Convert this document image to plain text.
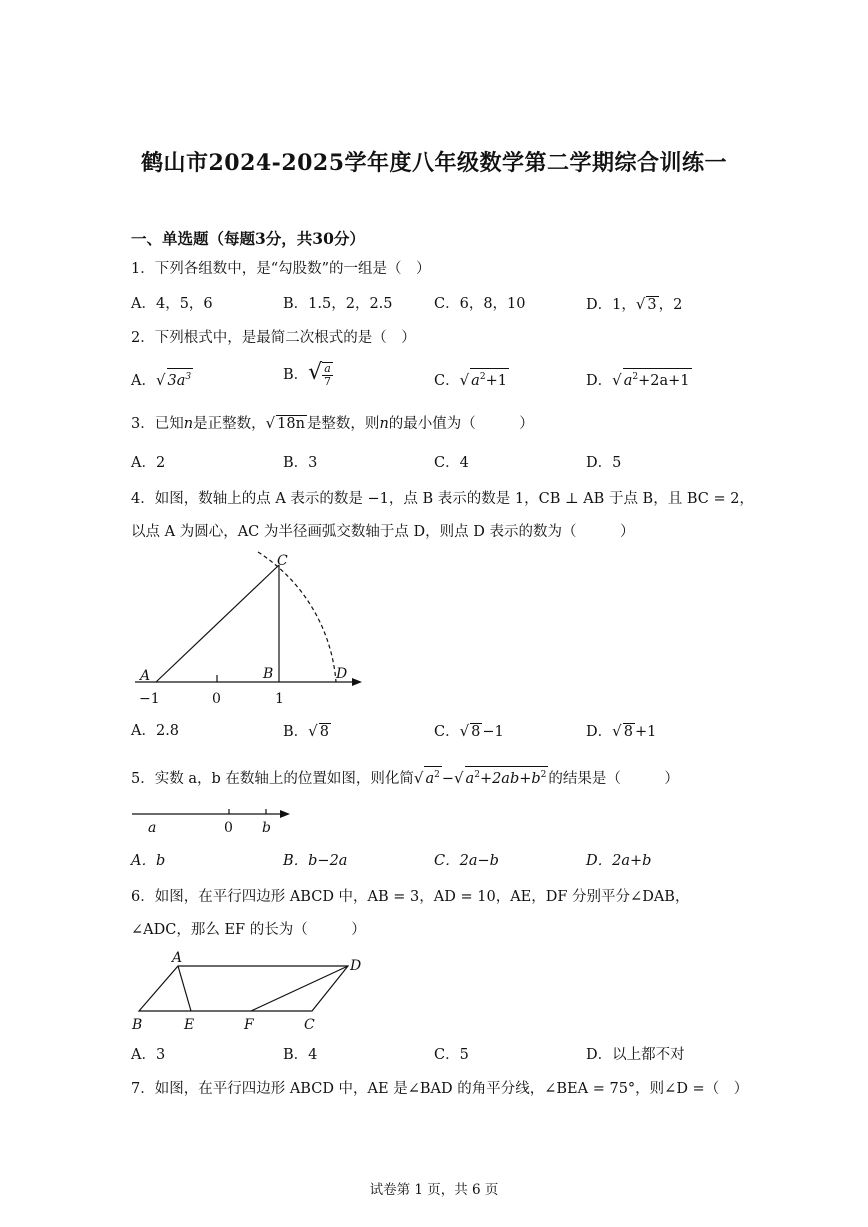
鹤山市2024-2025学年度八年级数学第二学期综合训练一
一、单选题（每题3分，共30分）
1．下列各组数中，是“勾股数”的一组是（　）
A．4，5，6	B．1.5，2，2.5	C．6，8，10	D．1，√ 3 ，2
2．下列根式中，是最简二次根式的是（　）
A．√ $3a^3$	B．√ $\frac{a}{7}$	C．√ $a^2+1$	D．√ $a^2+2a+1$
3．已知n是正整数，√ 18n 是整数，则n的最小值为（　　　）
A．2	B．3	C．4	D．5
4．如图，数轴上的点 A 表示的数是 −1，点 B 表示的数是 1，CB ⊥ AB 于点 B，且 BC = 2，
以点 A 为圆心，AC 为半径画弧交数轴于点 D，则点 D 表示的数为（　　　）
A	B
C
D
−1	0	1
A．2.8	B．√ 8	C．√ 8 −1	D．√ 8 +1
5．实数 a，b 在数轴上的位置如图，则化简√ $a^2$ −√ $a^2+2ab+b^2$ 的结果是（　　　）
a	0 b
A．b	B．b−2a	C．2a−b	D．2a+b
6．如图，在平行四边形 ABCD 中，AB = 3，AD = 10，AE，DF 分别平分∠DAB，
∠ADC，那么 EF 的长为（　　　）
A	D
B	E	F	C
A．3	B．4	C．5	D．以上都不对
7．如图，在平行四边形 ABCD 中，AE 是∠BAD 的角平分线，∠BEA = 75°，则∠D =（　）
试卷第 1 页，共 6 页
